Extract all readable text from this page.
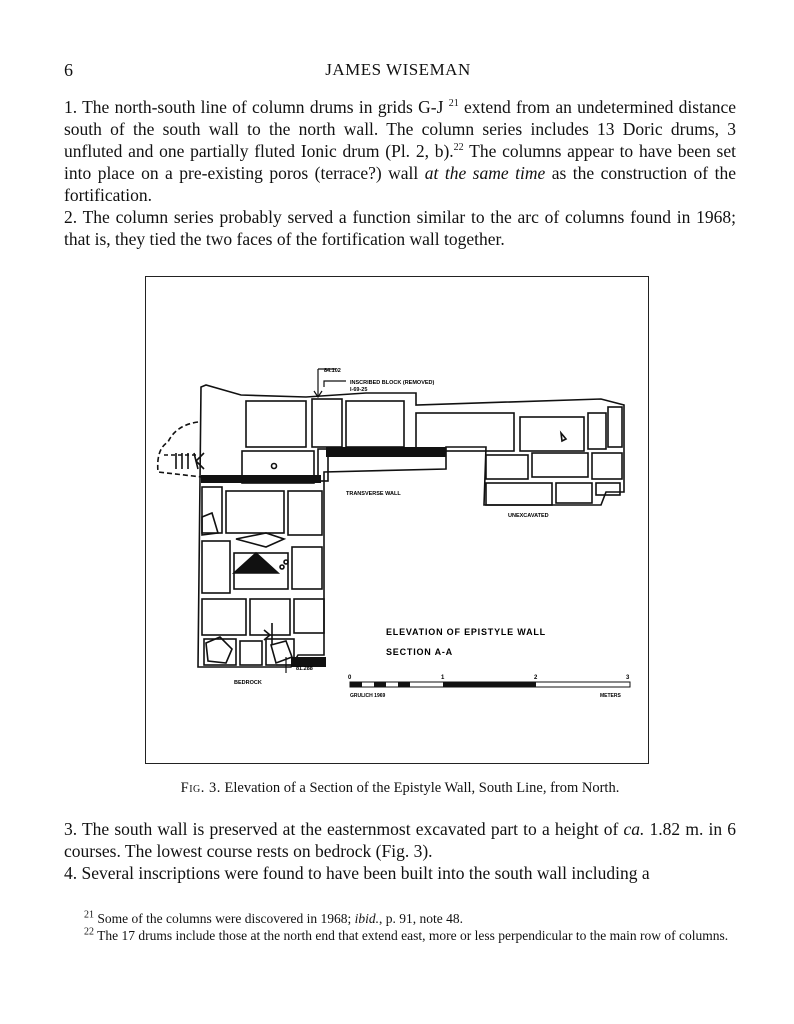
6	JAMES WISEMAN
1. The north-south line of column drums in grids G-J $^{21}$ extend from an undetermined distance south of the south wall to the north wall. The column series includes 13 Doric drums, 3 unfluted and one partially fluted Ionic drum (Pl. 2, b).$^{22}$ The columns appear to have been set into place on a pre-existing poros (terrace?) wall at the same time as the construction of the fortification.
2. The column series probably served a function similar to the arc of columns found in 1968; that is, they tied the two faces of the fortification wall together.
84.102
INSCRIBED BLOCK (REMOVED)
I-69-25
TRANSVERSE WALL
UNEXCAVATED
ELEVATION OF EPISTYLE WALL
SECTION A-A
81.288
BEDROCK
0	1	2	3
GRULICH 1969	METERS
Fig. 3. Elevation of a Section of the Epistyle Wall, South Line, from North.
3. The south wall is preserved at the easternmost excavated part to a height of ca. 1.82 m. in 6 courses. The lowest course rests on bedrock (Fig. 3).
4. Several inscriptions were found to have been built into the south wall including a
$^{21}$ Some of the columns were discovered in 1968; ibid., p. 91, note 48.
$^{22}$ The 17 drums include those at the north end that extend east, more or less perpendicular to the main row of columns.
